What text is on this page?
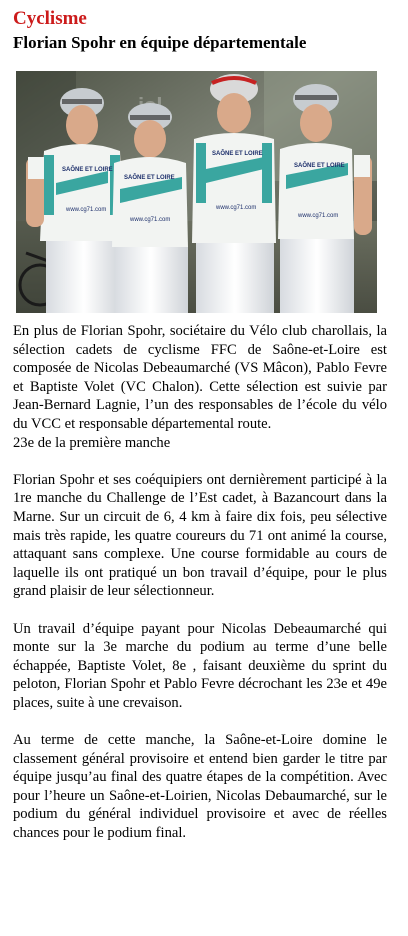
Cyclisme
Florian Spohr en équipe départementale
SAÔNE ET LOIRE
www.cg71.com
SAÔNE ET LOIRE
www.cg71.com
SAÔNE ET LOIRE
www.cg71.com
SAÔNE ET LOIRE
www.cg71.com

En plus de Florian Spohr, sociétaire du Vélo club charollais, la sélection cadets de cyclisme FFC de Saône-et-Loire est composée de Nicolas Debeaumarché (VS Mâcon), Pablo Fevre et Baptiste Volet (VC Chalon). Cette sélection est suivie par Jean-Bernard Lagnie, l’un des responsables de l’école du vélo du VCC et responsable départemental route.

23e de la première manche

Florian Spohr et ses coéquipiers ont dernièrement participé à la 1re manche du Challenge de l’Est cadet, à Bazancourt dans la Marne. Sur un circuit de 6, 4 km à faire dix fois, peu sélective mais très rapide, les quatre coureurs du 71 ont animé la course, attaquant sans complexe. Une course formidable au cours de laquelle ils ont pratiqué un bon travail d’équipe, pour le plus grand plaisir de leur sélectionneur.

Un travail d’équipe payant pour Nicolas Debeaumarché qui monte sur la 3e marche du podium au terme d’une belle échappée, Baptiste Volet, 8e , faisant deuxième du sprint du peloton, Florian Spohr et Pablo Fevre décrochant les 23e et 49e places, suite à une crevaison.

Au terme de cette manche, la Saône-et-Loire domine le classement général provisoire et entend bien garder le titre par équipe jusqu’au final des quatre étapes de la compétition. Avec pour l’heure un Saône-et-Loirien, Nicolas Debaumarché, sur le podium du général individuel provisoire et avec de réelles chances pour le podium final.
